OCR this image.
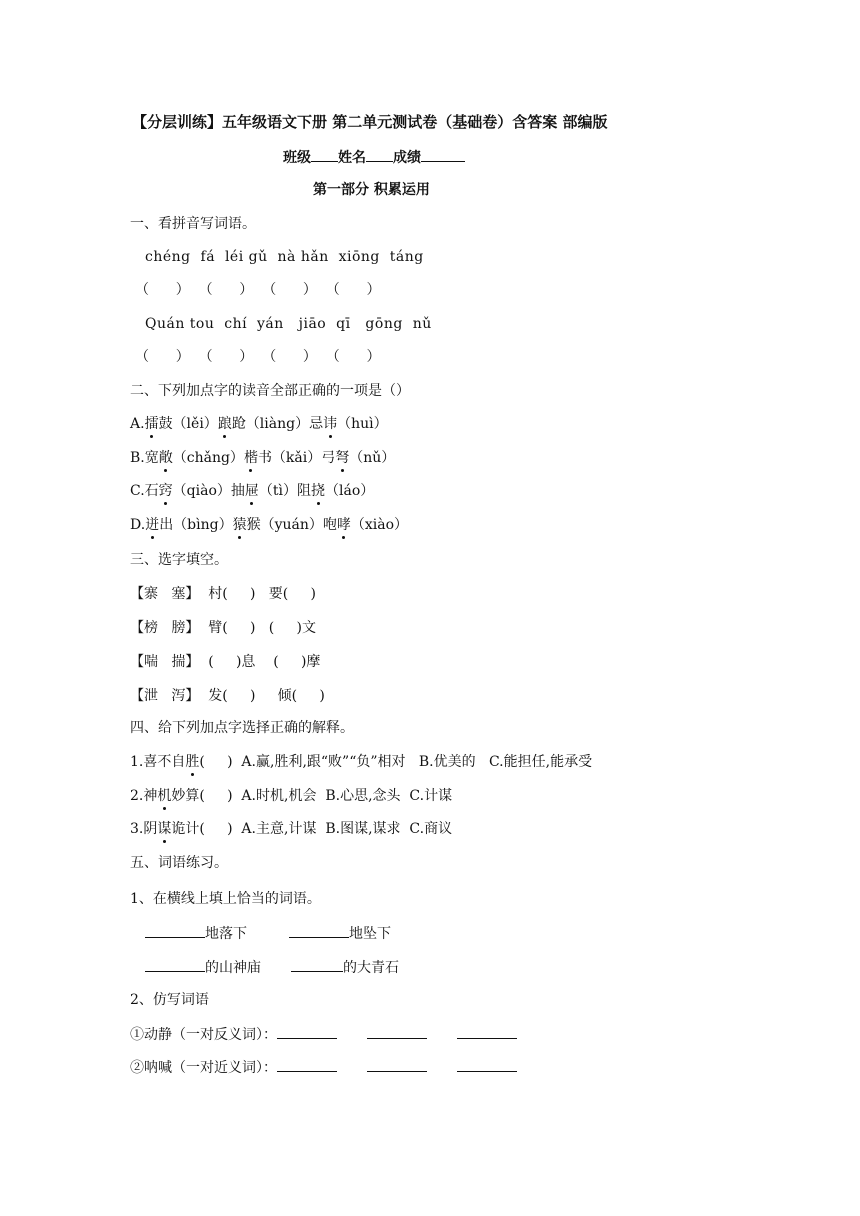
【分层训练】五年级语文下册 第二单元测试卷（基础卷）含答案 部编版
班级 姓名 成绩
第一部分 积累运用
一、看拼音写词语。
chéng  fá  léi gǔ  nà hǎn  xiōng  táng
（      ）  （      ）  （      ）  （      ）
Quán tou  chí  yán   jiāo  qī   gōng  nǔ
（      ）  （      ）  （      ）  （      ）
二、下列加点字的读音全部正确的一项是（）
A.擂鼓（lěi）踉跄（liàng）忌讳（huì）
B.宽敞（chǎng）楷书（kǎi）弓弩（nǔ）
C.石窍（qiào）抽屉（tì）阻挠（láo）
D.迸出（bìng）猿猴（yuán）咆哮（xiào）
三、选字填空。
【寨   塞】  村(     )   要(     )
【榜   膀】  臂(     )   (     )文
【喘   揣】  (     )息    (     )摩
【泄   泻】  发(     )     倾(     )
四、给下列加点字选择正确的解释。
1.喜不自胜(     )  A.赢,胜利,跟“败”“负”相对   B.优美的   C.能担任,能承受
2.神机妙算(     )  A.时机,机会  B.心思,念头  C.计谋
3.阴谋诡计(     )  A.主意,计谋  B.图谋,谋求  C.商议
五、词语练习。
1、在横线上填上恰当的词语。
地落下	地坠下
的山神庙	的大青石
2、仿写词语
①动静（一对反义词）：
②呐喊（一对近义词）：
